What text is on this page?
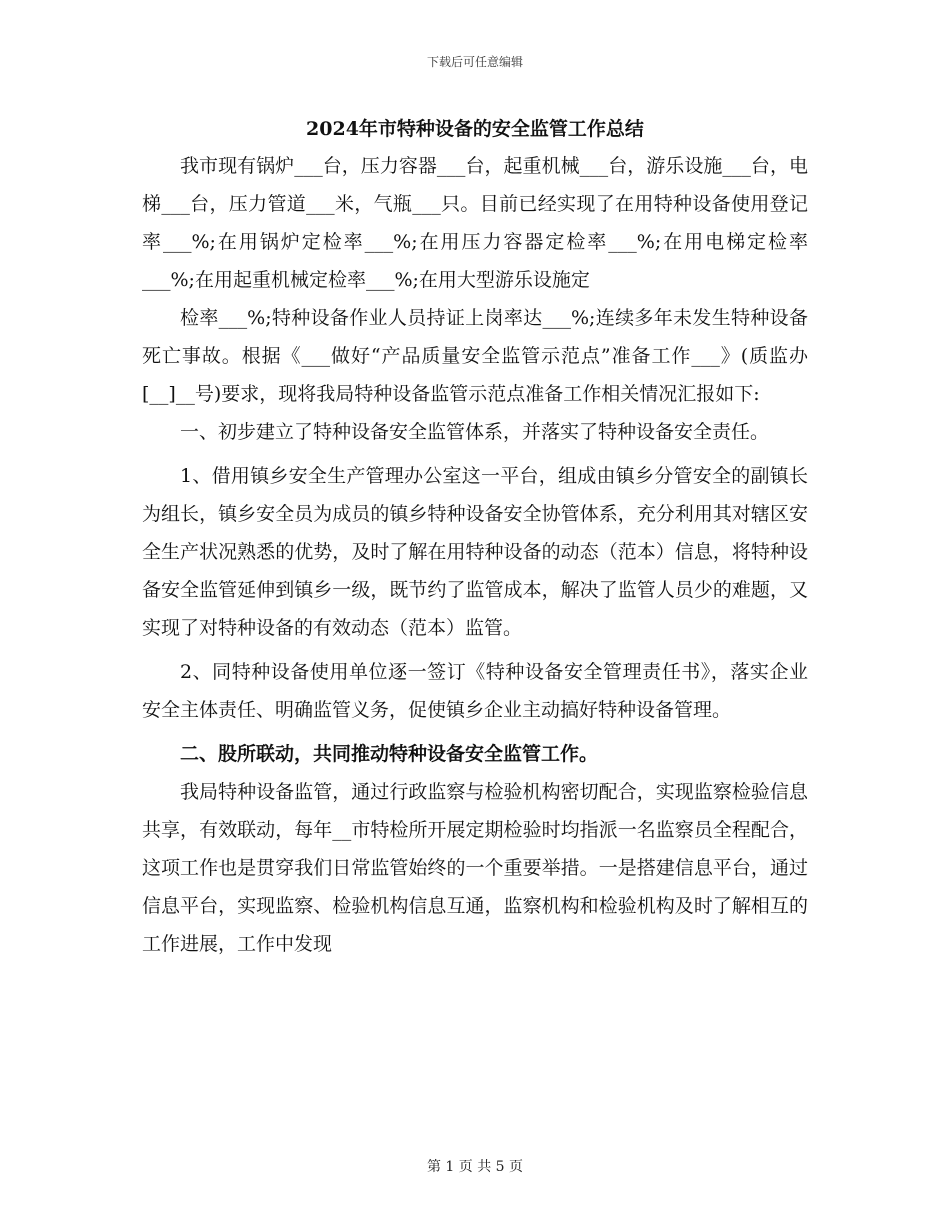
下载后可任意编辑
2024年市特种设备的安全监管工作总结

我市现有锅炉___台，压力容器___台，起重机械___台，游乐设施___台，电梯___台，压力管道___米，气瓶___只。目前已经实现了在用特种设备使用登记率___%;在用锅炉定检率___%;在用压力容器定检率___%;在用电梯定检率___%;在用起重机械定检率___%;在用大型游乐设施定

检率___%;特种设备作业人员持证上岗率达___%;连续多年未发生特种设备死亡事故。根据《___做好“产品质量安全监管示范点”准备工作___》(质监办[__]__号)要求，现将我局特种设备监管示范点准备工作相关情况汇报如下:

一、初步建立了特种设备安全监管体系，并落实了特种设备安全责任。

1、借用镇乡安全生产管理办公室这一平台，组成由镇乡分管安全的副镇长为组长，镇乡安全员为成员的镇乡特种设备安全协管体系，充分利用其对辖区安全生产状况熟悉的优势，及时了解在用特种设备的动态（范本）信息，将特种设备安全监管延伸到镇乡一级，既节约了监管成本，解决了监管人员少的难题，又实现了对特种设备的有效动态（范本）监管。

2、同特种设备使用单位逐一签订《特种设备安全管理责任书》，落实企业安全主体责任、明确监管义务，促使镇乡企业主动搞好特种设备管理。

二、股所联动，共同推动特种设备安全监管工作。

我局特种设备监管，通过行政监察与检验机构密切配合，实现监察检验信息共享，有效联动，每年__市特检所开展定期检验时均指派一名监察员全程配合，这项工作也是贯穿我们日常监管始终的一个重要举措。一是搭建信息平台，通过信息平台，实现监察、检验机构信息互通，监察机构和检验机构及时了解相互的工作进展，工作中发现

第 1 页 共 5 页
